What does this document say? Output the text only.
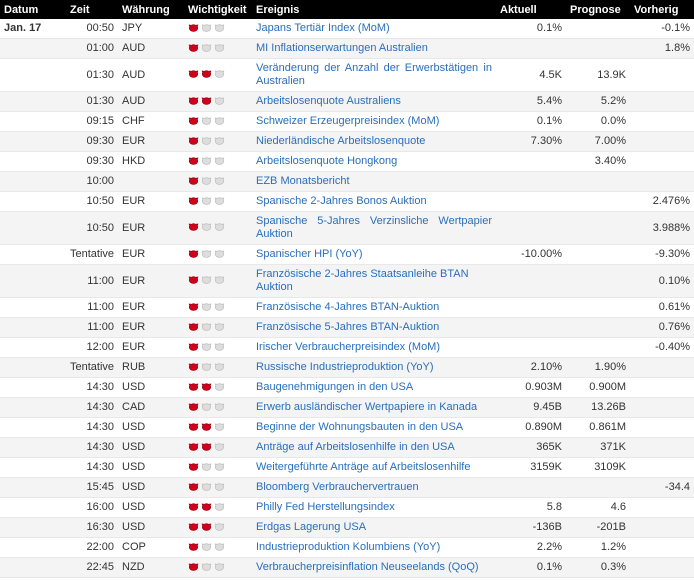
Datum	Zeit	Währung	Wichtigkeit	Ereignis	Aktuell	Prognose	Vorherig
Jan. 17	00:50	JPY		Japans Tertiär Index (MoM)	0.1%		-0.1%
	01:00	AUD		MI Inflationserwartungen Australien			1.8%
	01:30	AUD		Veränderung der Anzahl der Erwerbstätigen in Australien	4.5K	13.9K	
	01:30	AUD		Arbeitslosenquote Australiens	5.4%	5.2%	
	09:15	CHF		Schweizer Erzeugerpreisindex (MoM)	0.1%	0.0%	
	09:30	EUR		Niederländische Arbeitslosenquote	7.30%	7.00%	
	09:30	HKD		Arbeitslosenquote Hongkong		3.40%	
	10:00			EZB Monatsbericht			
	10:50	EUR		Spanische 2-Jahres Bonos Auktion			2.476%
	10:50	EUR		Spanische 5-Jahres Verzinsliche Wertpapier Auktion			3.988%
	Tentative	EUR		Spanischer HPI (YoY)	-10.00%		-9.30%
	11:00	EUR		Französische 2-Jahres Staatsanleihe BTAN Auktion			0.10%
	11:00	EUR		Französische 4-Jahres BTAN-Auktion			0.61%
	11:00	EUR		Französische 5-Jahres BTAN-Auktion			0.76%
	12:00	EUR		Irischer Verbraucherpreisindex (MoM)			-0.40%
	Tentative	RUB		Russische Industrieproduktion (YoY)	2.10%	1.90%	
	14:30	USD		Baugenehmigungen in den USA	0.903M	0.900M	
	14:30	CAD		Erwerb ausländischer Wertpapiere in Kanada	9.45B	13.26B	
	14:30	USD		Beginne der Wohnungsbauten in den USA	0.890M	0.861M	
	14:30	USD		Anträge auf Arbeitslosenhilfe in den USA	365K	371K	
	14:30	USD		Weitergeführte Anträge auf Arbeitslosenhilfe	3159K	3109K	
	15:45	USD		Bloomberg Verbrauchervertrauen			-34.4
	16:00	USD		Philly Fed Herstellungsindex	5.8	4.6	
	16:30	USD		Erdgas Lagerung USA	-136B	-201B	
	22:00	COP		Industrieproduktion Kolumbiens (YoY)	2.2%	1.2%	
	22:45	NZD		Verbraucherpreisinflation Neuseelands (QoQ)	0.1%	0.3%	
